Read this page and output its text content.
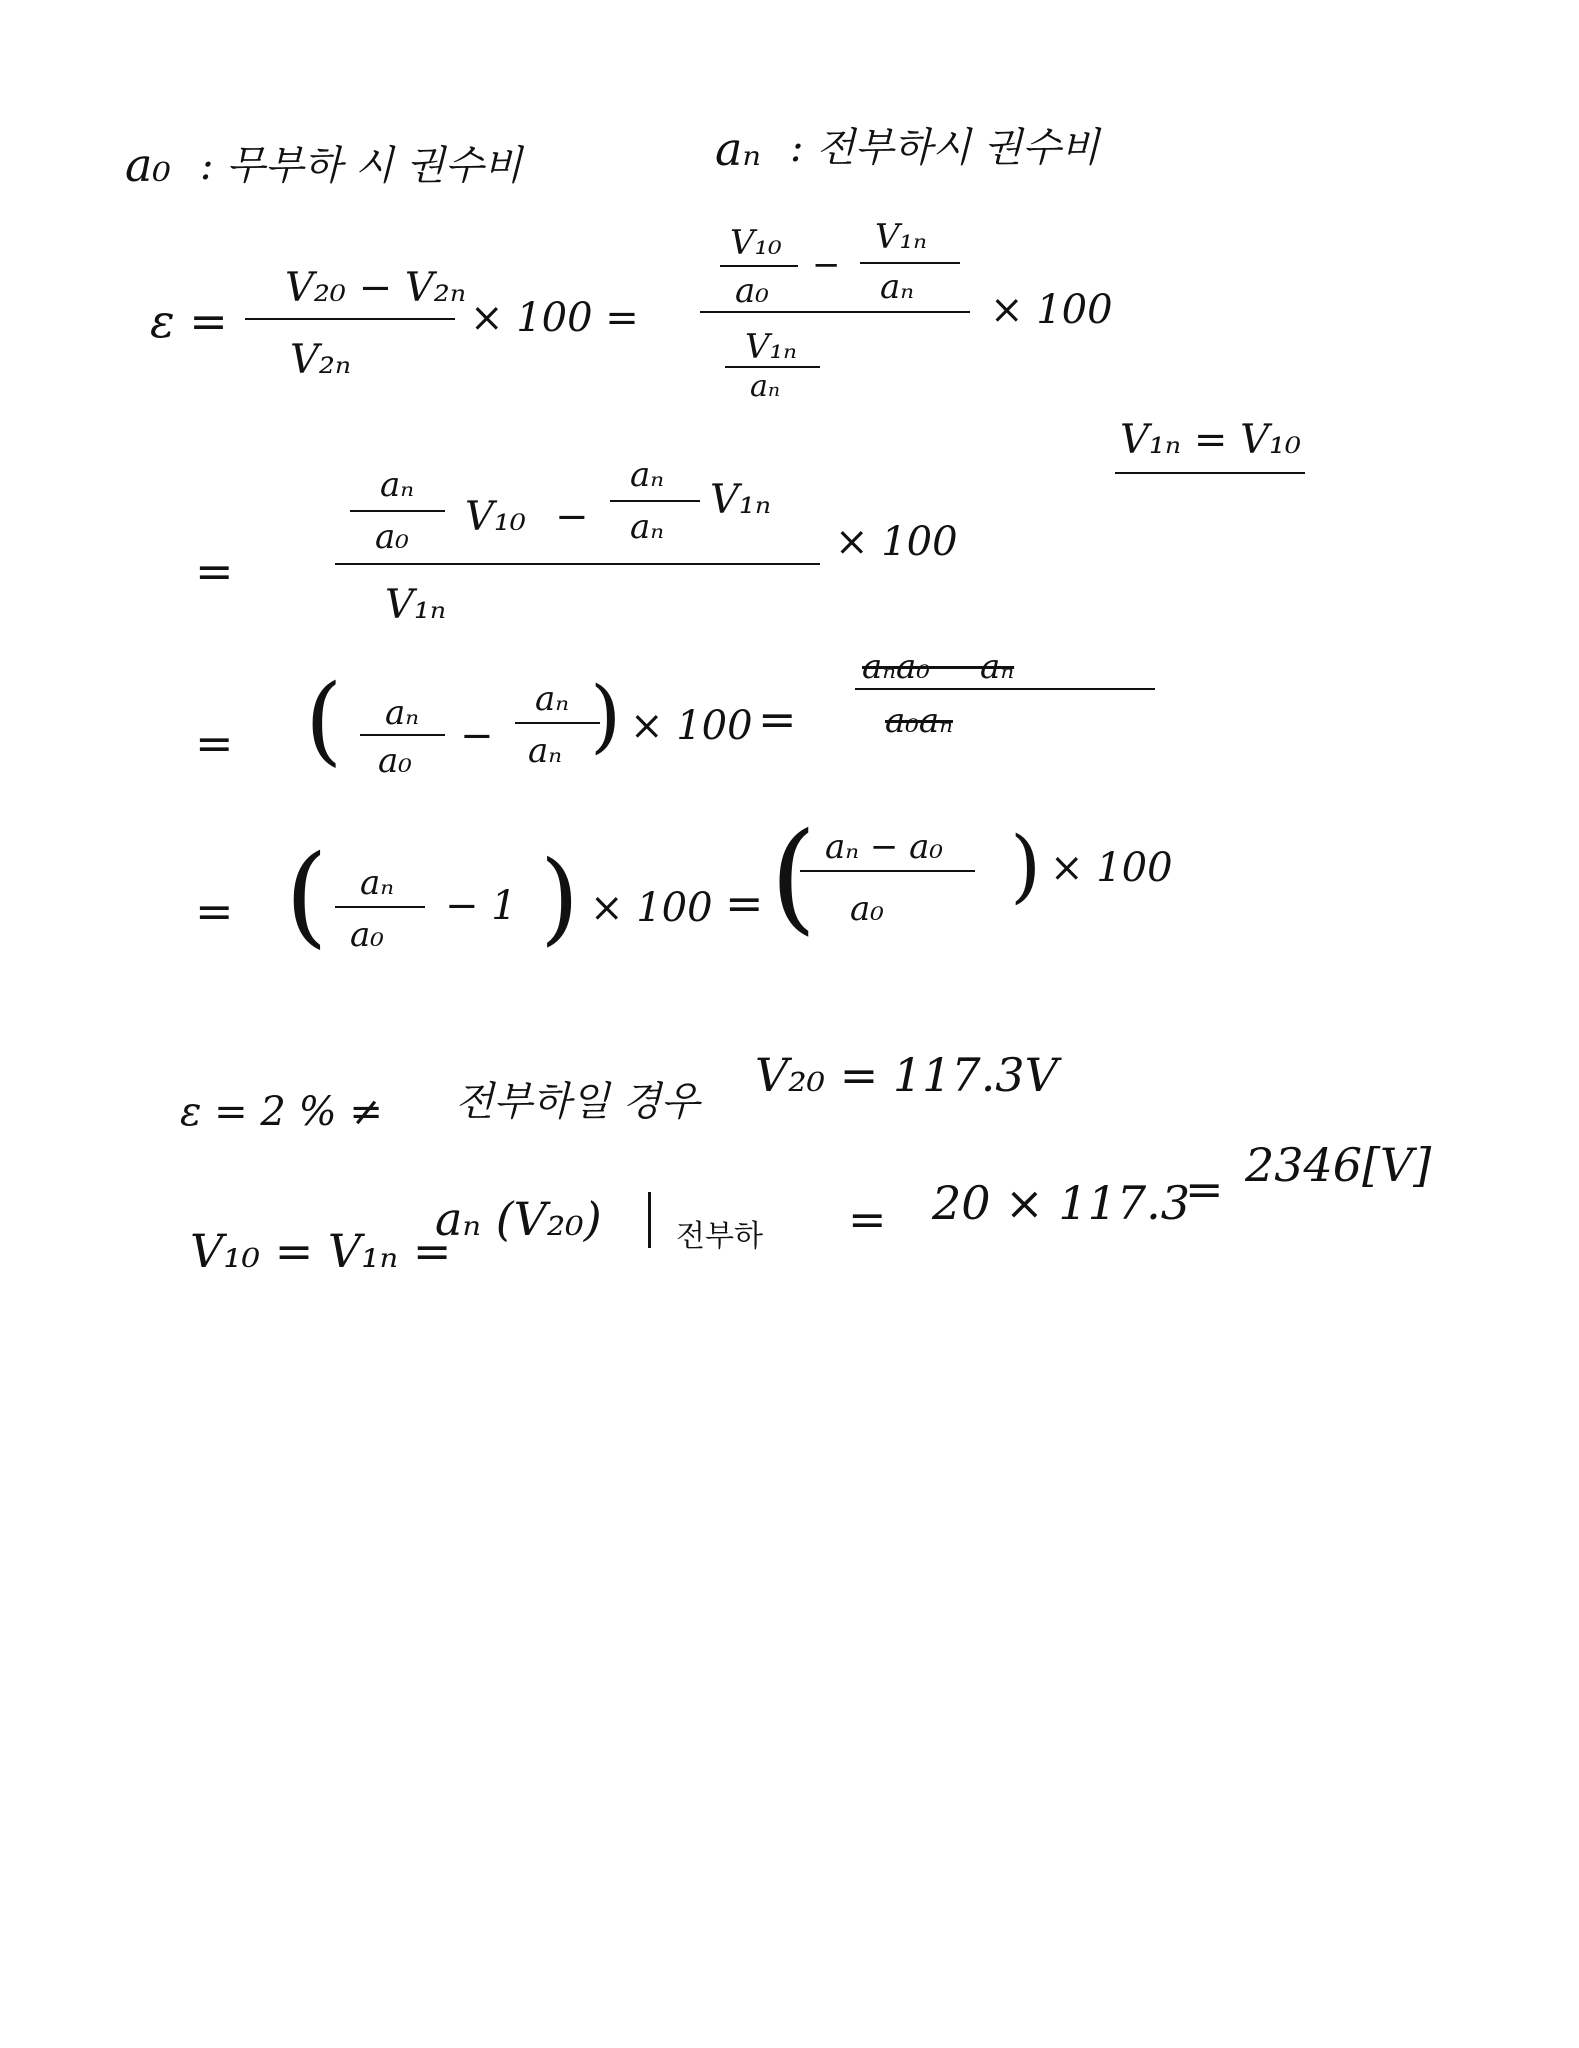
a₀ : 무부하 시 권수비	aₙ : 전부하시 권수비
ε =
V₂₀ − V₂ₙ
V₂ₙ
× 100 =
V₁₀
a₀
−
V₁ₙ
aₙ
V₁ₙ
aₙ
× 100
V₁ₙ = V₁₀
=
aₙ
a₀ V₁₀ −
aₙ
aₙ
V₁ₙ
V₁ₙ
× 100
= ( aₙ
a₀
−
aₙ
aₙ ) × 100 =
aₙa₀ − aₙ
a₀aₙ
= ( aₙ
a₀
− 1 ) × 100 = ( aₙ − a₀
a₀ ) × 100
ε = 2 % ≠ 전부하일 경우 V₂₀ = 117.3V
V₁₀ = V₁ₙ =
aₙ (V₂₀) 전부하 = 20 × 117.3
= 2346[V]
